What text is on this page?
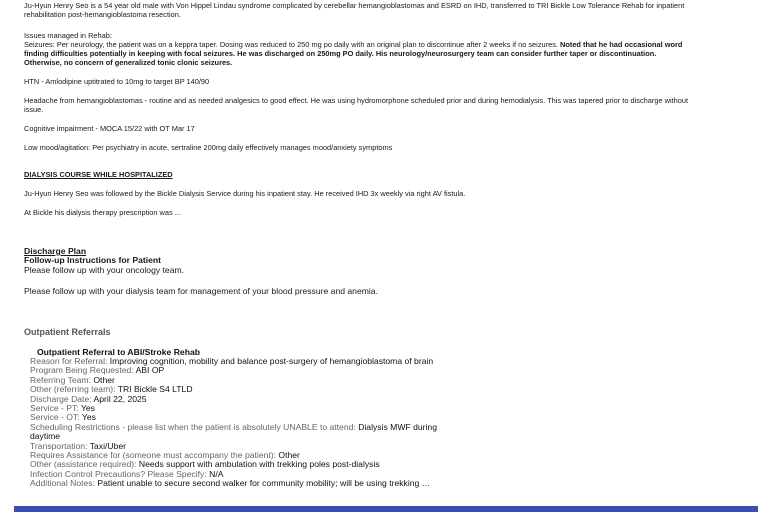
Ju-Hyun Henry Seo is a 54 year old male with Von Hippel Lindau syndrome complicated by cerebellar hemangioblastomas and ESRD on IHD, transferred to TRI Bickle Low Tolerance Rehab for inpatient

rehabilitation post-hemangioblastoma resection.

Issues managed in Rehab:

Seizures: Per neurology, the patient was on a keppra taper. Dosing was reduced to 250 mg po daily with an original plan to discontinue after 2 weeks if no seizures. Noted that he had occasional word

finding difficulties potentially in keeping with focal seizures. He was discharged on 250mg PO daily. His neurology/neurosurgery team can consider further taper or discontinuation.

Otherwise, no concern of generalized tonic clonic seizures.

HTN - Amlodipine uptitrated to 10mg to target BP 140/90

Headache from hemangioblastomas - routine and as needed analgesics to good effect. He was using hydromorphone scheduled prior and during hemodialysis. This was tapered prior to discharge without

issue.

Cognitive impairment - MOCA 15/22 with OT Mar 17

Low mood/agitation: Per psychiatry in acute, sertraline 200mg daily effectively manages mood/anxiety symptoms

DIALYSIS COURSE WHILE HOSPITALIZED

Ju-Hyun Henry Seo was followed by the Bickle Dialysis Service during his inpatient stay. He received IHD 3x weekly via right AV fistula.

At Bickle his dialysis therapy prescription was ...

Discharge Plan
Follow-up Instructions for Patient
Please follow up with your oncology team.
Please follow up with your dialysis team for management of your blood pressure and anemia.
Outpatient Referrals
Outpatient Referral to ABI/Stroke Rehab
Reason for Referral: Improving cognition, mobility and balance post-surgery of hemangioblastoma of brain
Program Being Requested: ABI OP
Referring Team: Other
Other (referring team): TRI Bickle S4 LTLD
Discharge Date: April 22, 2025
Service - PT: Yes
Service - OT: Yes
Scheduling Restrictions - please list when the patient is absolutely UNABLE to attend: Dialysis MWF during
daytime
Transportation: Taxi/Uber
Requires Assistance for (someone must accompany the patient): Other
Other (assistance required): Needs support with ambulation with trekking poles post-dialysis
Infection Control Precautions? Please Specify: N/A
Additional Notes: Patient unable to secure second walker for community mobility; will be using trekking …
